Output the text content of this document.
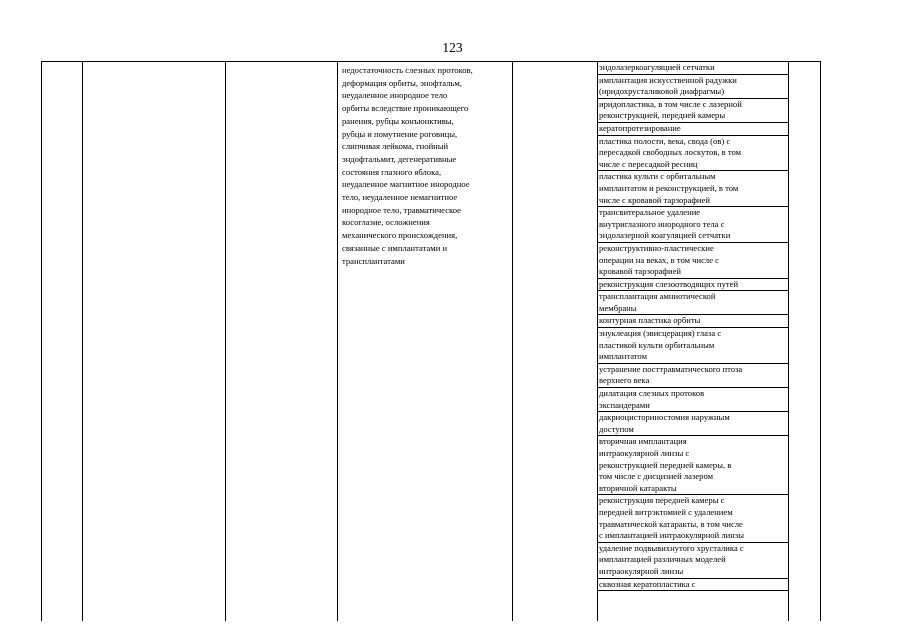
123
недостаточность слезных протоков,
деформация орбиты, энофтальм,
неудаленное инородное тело
орбиты вследствие проникающего
ранения, рубцы конъюнктивы,
рубцы и помутнение роговицы,
слипчивая лейкома, гнойный
эндофтальмит, дегенеративные
состояния глазного яблока,
неудаленное магнитное инородное
тело, неудаленное немагнитное
инородное тело, травматическое
косоглазие, осложнения
механического происхождения,
связанные с имплантатами и
трансплантатами
эндолазеркоагуляцией сетчатки
имплантация искусственной радужки
(иридохрусталиковой диафрагмы)
иридопластика, в том числе с лазерной
реконструкцией, передней камеры
кератопротезирование
пластика полости, века, свода (ов) с
пересадкой свободных лоскутов, в том
числе с пересадкой ресниц
пластика культи с орбитальным
имплантатом и реконструкцией, в том
числе с кровавой тарзорафией
трансвитеральное удаление
внутриглазного инородного тела с
эндолазерной коагуляцией сетчатки
реконструктивно-пластические
операции на веках, в том числе с
кровавой тарзорафией
реконструкция слезоотводящих путей
трансплантация амниотической
мембраны
контурная пластика орбиты
энуклеация (эвисцерация) глаза с
пластикой культи орбитальным
имплантатом
устранение посттравматического птоза
верхнего века
дилатация слезных протоков
экспандерами
дакриоцисториностомия наружным
доступом
вторичная имплантация
интраокулярной линзы с
реконструкцией передней камеры, в
том числе с дисцизией лазером
вторичной катаракты
реконструкция передней камеры с
передней витрэктомией с удалением
травматической катаракты, в том числе
с имплантацией интраокулярной линзы
удаление подвывихнутого хрусталика с
имплантацией различных моделей
интраокулярной линзы
сквозная кератопластика с
